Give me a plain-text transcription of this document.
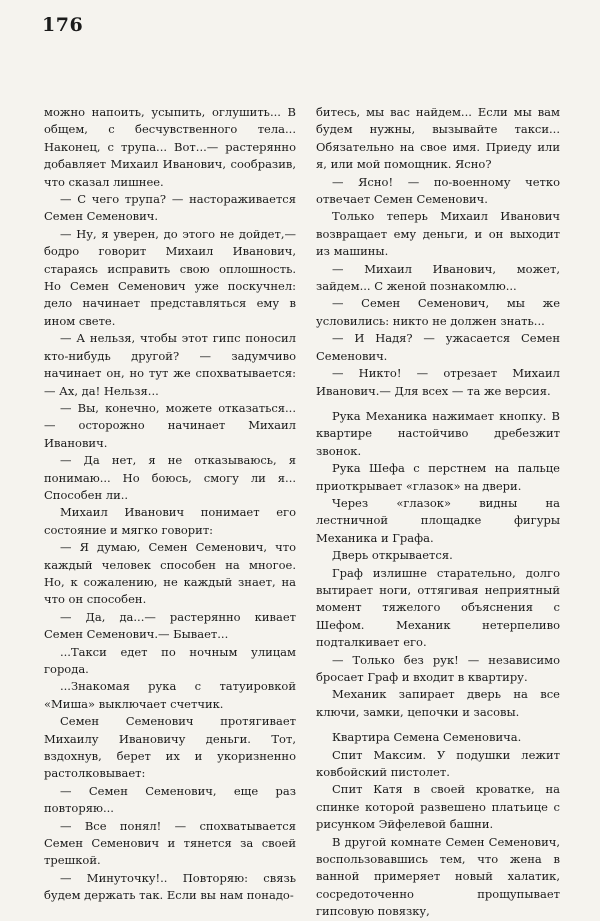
176

можно напоить, усыпить, оглушить... В общем, с бесчувственного тела... Наконец, с трупа... Вот...— растерянно добавляет Михаил Иванович, сообразив, что сказал лишнее.

— С чего трупа? — настораживается Семен Семенович.

— Ну, я уверен, до этого не дойдет,— бодро говорит Михаил Иванович, стараясь исправить свою оплошность. Но Семен Семенович уже поскучнел: дело начинает представляться ему в ином свете.

— А нельзя, чтобы этот гипс поносил кто-нибудь другой? — задумчиво начинает он, но тут же спохватывается: — Ах, да! Нельзя...

— Вы, конечно, можете отказаться...— осторожно начинает Михаил Иванович.

— Да нет, я не отказываюсь, я понимаю... Но боюсь, смогу ли я... Способен ли..

Михаил Иванович понимает его состояние и мягко говорит:

— Я думаю, Семен Семенович, что каждый человек способен на многое. Но, к сожалению, не каждый знает, на что он способен.

— Да, да...— растерянно кивает Семен Семенович.— Бывает...

...Такси едет по ночным улицам города.

...Знакомая рука с татуировкой «Миша» выключает счетчик.

Семен Семенович протягивает Михаилу Ивановичу деньги. Тот, вздохнув, берет их и укоризненно растолковывает:

— Семен Семенович, еще раз повторяю...

— Все понял! — спохватывается Семен Семенович и тянется за своей трешкой.

— Минуточку!.. Повторяю: связь будем держать так. Если вы нам понадо-

битесь, мы вас найдем... Если мы вам будем нужны, вызывайте такси... Обязательно на свое имя. Приеду или я, или мой помощник. Ясно?

— Ясно! — по-военному четко отвечает Семен Семенович.

Только теперь Михаил Иванович возвращает ему деньги, и он выходит из машины.

— Михаил Иванович, может, зайдем... С женой познакомлю...

— Семен Семенович, мы же условились: никто не должен знать...

— И Надя? — ужасается Семен Семенович.

— Никто! — отрезает Михаил Иванович.— Для всех — та же версия.

Рука Механика нажимает кнопку. В квартире настойчиво дребезжит звонок.

Рука Шефа с перстнем на пальце приоткрывает «глазок» на двери.

Через «глазок» видны на лестничной площадке фигуры Механика и Графа.

Дверь открывается.

Граф излишне старательно, долго вытирает ноги, оттягивая неприятный момент тяжелого объяснения с Шефом. Механик нетерпеливо подталкивает его.

— Только без рук! — независимо бросает Граф и входит в квартиру.

Механик запирает дверь на все ключи, замки, цепочки и засовы.

Квартира Семена Семеновича.

Спит Максим. У подушки лежит ковбойский пистолет.

Спит Катя в своей кроватке, на спинке которой развешено платьице с рисунком Эйфелевой башни.

В другой комнате Семен Семенович, воспользовавшись тем, что жена в ванной примеряет новый халатик, сосредоточенно прощупывает гипсовую повязку,
